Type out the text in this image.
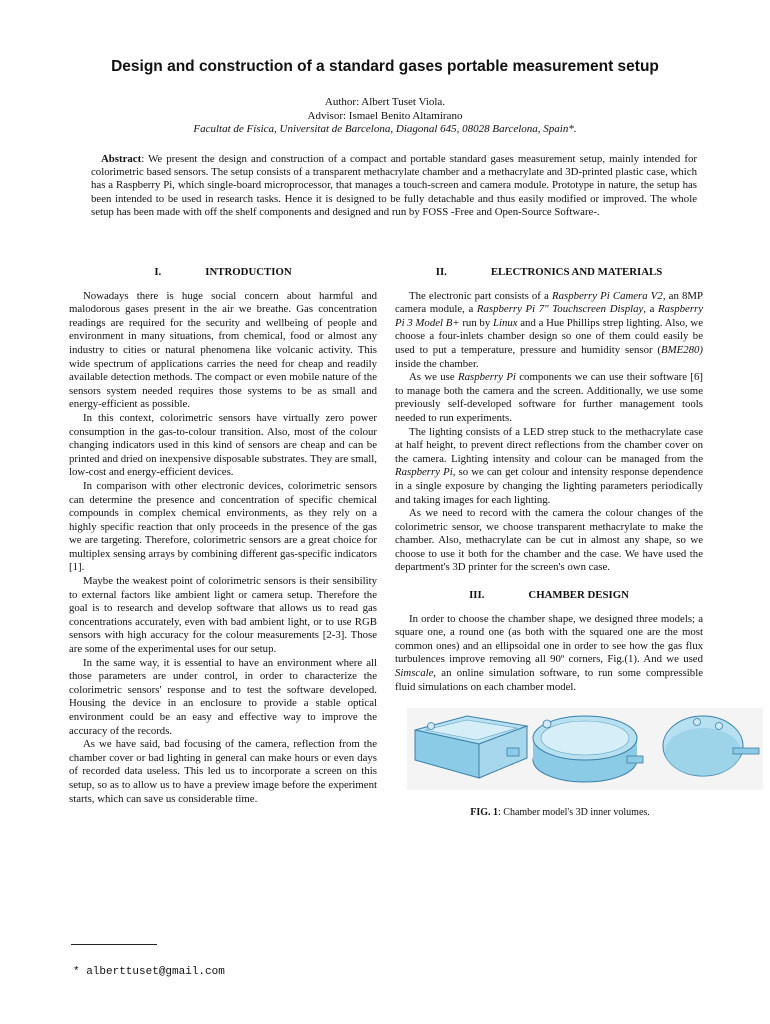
Design and construction of a standard gases portable measurement setup
Author: Albert Tuset Viola.
Advisor: Ismael Benito Altamirano
Facultat de Física, Universitat de Barcelona, Diagonal 645, 08028 Barcelona, Spain*.
Abstract: We present the design and construction of a compact and portable standard gases measurement setup, mainly intended for colorimetric based sensors. The setup consists of a transparent methacrylate chamber and a methacrylate and 3D-printed plastic case, which has a Raspberry Pi, which single-board microprocessor, that manages a touch-screen and camera module. Prototype in nature, the setup has been intended to be used in research tasks. Hence it is designed to be fully detachable and thus easily modified or improved. The whole setup has been made with off the shelf components and designed and run by FOSS -Free and Open-Source Software-.
I.	INTRODUCTION

Nowadays there is huge social concern about harmful and malodorous gases present in the air we breathe. Gas concentration readings are required for the security and wellbeing of people and environment in many situations, from chemical, food or almost any industry to cities or natural phenomena like volcanic activity. This wide spectrum of applications carries the need for cheap and readily available detection methods. The compact or even mobile nature of the sensors system needed requires those systems to be as small and energy-efficient as possible.

In this context, colorimetric sensors have virtually zero power consumption in the gas-to-colour transition. Also, most of the colour changing indicators used in this kind of sensors are cheap and can be printed and dried on inexpensive disposable substrates. They are small, low-cost and energy-efficient devices.

In comparison with other electronic devices, colorimetric sensors can determine the presence and concentration of specific chemical compounds in complex chemical environments, as they rely on a highly specific reaction that only proceeds in the presence of the gas we are targeting. Therefore, colorimetric sensors are a great choice for multiplex sensing arrays by combining different gas-specific indicators [1].

Maybe the weakest point of colorimetric sensors is their sensibility to external factors like ambient light or camera setup. Therefore the goal is to research and develop software that allows us to read gas concentrations accurately, even with bad ambient light, or to use RGB sensors with high accuracy for the colour measurements [2-3]. Those are some of the experimental uses for our setup.

In the same way, it is essential to have an environment where all those parameters are under control, in order to characterize the colorimetric sensors' response and to test the software developed. Housing the device in an enclosure to provide a stable optical environment could be an easy and effective way to improve the accuracy of the records.

As we have said, bad focusing of the camera, reflection from the chamber cover or bad lighting in general can make hours or even days of recorded data useless. This led us to incorporate a screen on this setup, so as to allow us to have a preview image before the experiment starts, which can save us considerable time.

II.	ELECTRONICS AND MATERIALS

The electronic part consists of a Raspberry Pi Camera V2, an 8MP camera module, a Raspberry Pi 7" Touchscreen Display, a Raspberry Pi 3 Model B+ run by Linux and a Hue Phillips strep lighting. Also, we choose a four-inlets chamber design so one of them could easily be used to put a temperature, pressure and humidity sensor (BME280) inside the chamber.

As we use Raspberry Pi components we can use their software [6] to manage both the camera and the screen. Additionally, we use some previously self-developed software for further management tools needed to run experiments.

The lighting consists of a LED strep stuck to the methacrylate case at half height, to prevent direct reflections from the chamber cover on the camera. Lighting intensity and colour can be managed from the Raspberry Pi, so we can get colour and intensity response dependence in a single exposure by changing the lighting parameters periodically and taking images for each lighting.

As we need to record with the camera the colour changes of the colorimetric sensor, we choose transparent methacrylate to make the chamber. Also, methacrylate can be cut in almost any shape, so we choose to use it both for the chamber and the case. We have used the department's 3D printer for the screen's own case.

III.	CHAMBER DESIGN

In order to choose the chamber shape, we designed three models; a square one, a round one (as both with the squared one are the most common ones) and an ellipsoidal one in order to see how the gas flux turbulences improve removing all 90º corners, Fig.(1). And we used Simscale, an online simulation software, to run some compressible fluid simulations on each chamber model.

FIG. 1: Chamber model's 3D inner volumes.
* alberttuset@gmail.com
